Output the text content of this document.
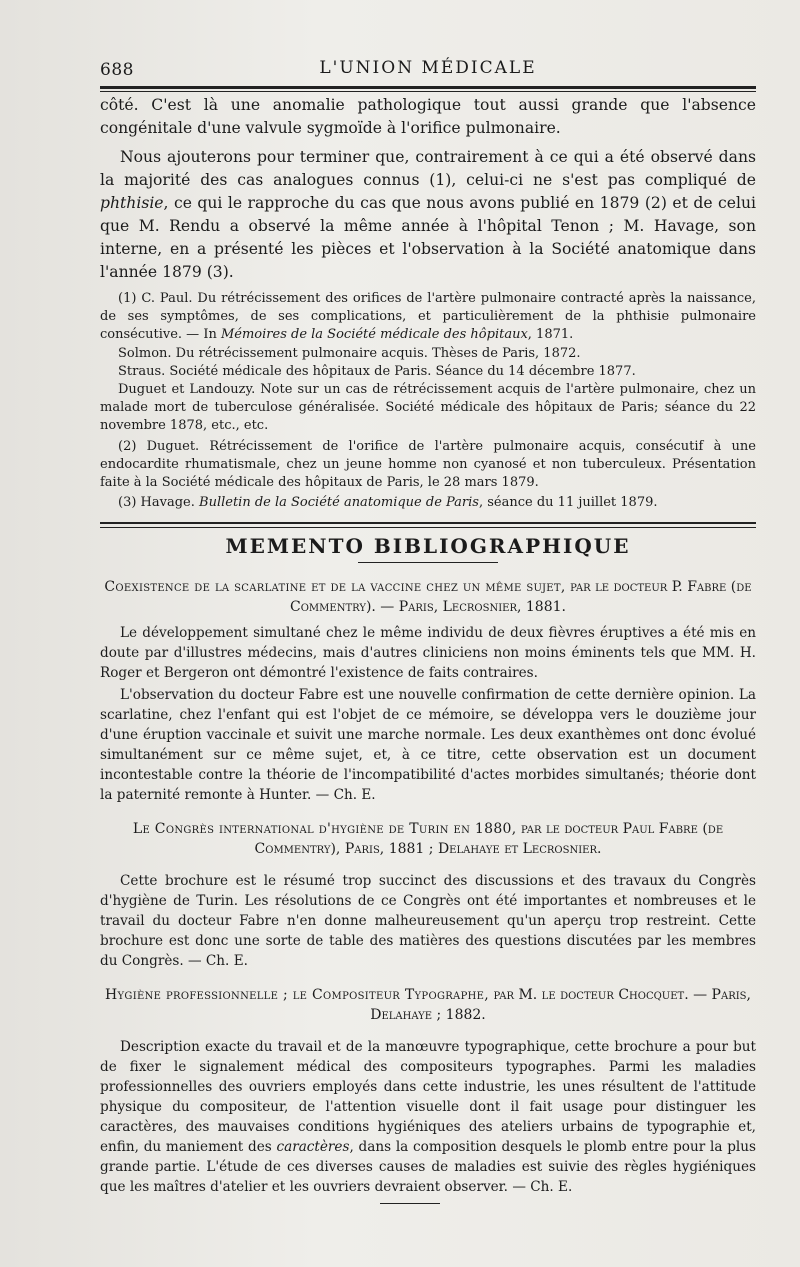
688	L'UNION MÉDICALE

côté. C'est là une anomalie pathologique tout aussi grande que l'absence congénitale d'une valvule sygmoïde à l'orifice pulmonaire.

Nous ajouterons pour terminer que, contrairement à ce qui a été observé dans la majorité des cas analogues connus (1), celui-ci ne s'est pas compliqué de phthisie, ce qui le rapproche du cas que nous avons publié en 1879 (2) et de celui que M. Rendu a observé la même année à l'hôpital Tenon ; M. Havage, son interne, en a présenté les pièces et l'observation à la Société anatomique dans l'année 1879 (3).

(1) C. Paul. Du rétrécissement des orifices de l'artère pulmonaire contracté après la naissance, de ses symptômes, de ses complications, et particulièrement de la phthisie pulmonaire consécutive. — In Mémoires de la Société médicale des hôpitaux, 1871.

Solmon. Du rétrécissement pulmonaire acquis. Thèses de Paris, 1872.

Straus. Société médicale des hôpitaux de Paris. Séance du 14 décembre 1877.

Duguet et Landouzy. Note sur un cas de rétrécissement acquis de l'artère pulmonaire, chez un malade mort de tuberculose généralisée. Société médicale des hôpitaux de Paris; séance du 22 novembre 1878, etc., etc.

(2) Duguet. Rétrécissement de l'orifice de l'artère pulmonaire acquis, consécutif à une endocardite rhumatismale, chez un jeune homme non cyanosé et non tuberculeux. Présentation faite à la Société médicale des hôpitaux de Paris, le 28 mars 1879.

(3) Havage. Bulletin de la Société anatomique de Paris, séance du 11 juillet 1879.

MEMENTO BIBLIOGRAPHIQUE
Coexistence de la scarlatine et de la vaccine chez un même sujet, par le docteur P. Fabre (de Commentry). — Paris, Lecrosnier, 1881.

Le développement simultané chez le même individu de deux fièvres éruptives a été mis en doute par d'illustres médecins, mais d'autres cliniciens non moins éminents tels que MM. H. Roger et Bergeron ont démontré l'existence de faits contraires.

L'observation du docteur Fabre est une nouvelle confirmation de cette dernière opinion. La scarlatine, chez l'enfant qui est l'objet de ce mémoire, se développa vers le douzième jour d'une éruption vaccinale et suivit une marche normale. Les deux exanthèmes ont donc évolué simultanément sur ce même sujet, et, à ce titre, cette observation est un document incontestable contre la théorie de l'incompatibilité d'actes morbides simultanés; théorie dont la paternité remonte à Hunter. — Ch. E.

Le Congrès international d'hygiène de Turin en 1880, par le docteur Paul Fabre (de Commentry), Paris, 1881 ; Delahaye et Lecrosnier.

Cette brochure est le résumé trop succinct des discussions et des travaux du Congrès d'hygiène de Turin. Les résolutions de ce Congrès ont été importantes et nombreuses et le travail du docteur Fabre n'en donne malheureusement qu'un aperçu trop restreint. Cette brochure est donc une sorte de table des matières des questions discutées par les membres du Congrès. — Ch. E.

Hygiène professionnelle ; le Compositeur Typographe, par M. le docteur Chocquet. — Paris, Delahaye ; 1882.

Description exacte du travail et de la manœuvre typographique, cette brochure a pour but de fixer le signalement médical des compositeurs typographes. Parmi les maladies professionnelles des ouvriers employés dans cette industrie, les unes résultent de l'attitude physique du compositeur, de l'attention visuelle dont il fait usage pour distinguer les caractères, des mauvaises conditions hygiéniques des ateliers urbains de typographie et, enfin, du maniement des caractères, dans la composition desquels le plomb entre pour la plus grande partie. L'étude de ces diverses causes de maladies est suivie des règles hygiéniques que les maîtres d'atelier et les ouvriers devraient observer. — Ch. E.
